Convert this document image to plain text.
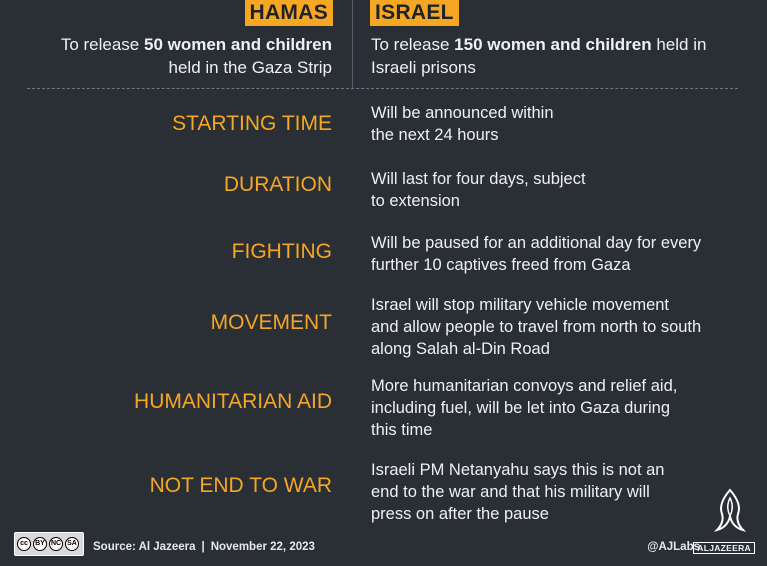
HAMAS ISRAEL
To release 50 women and children held in the Gaza Strip
To release 150 women and children held in Israeli prisons
STARTING TIME Will be announced within
the next 24 hours
DURATION Will last for four days, subject
to extension
FIGHTING Will be paused for an additional day for every
further 10 captives freed from Gaza
MOVEMENT
Israel will stop military vehicle movement
and allow people to travel from north to south
along Salah al-Din Road
HUMANITARIAN AID
More humanitarian convoys and relief aid,
including fuel, will be let into Gaza during
this time
NOT END TO WAR
Israeli PM Netanyahu says this is not an
end to the war and that his military will
press on after the pause
cc	BY NC SA Source: Al Jazeera | November 22, 2023	@AJLabs
ALJAZEERA
